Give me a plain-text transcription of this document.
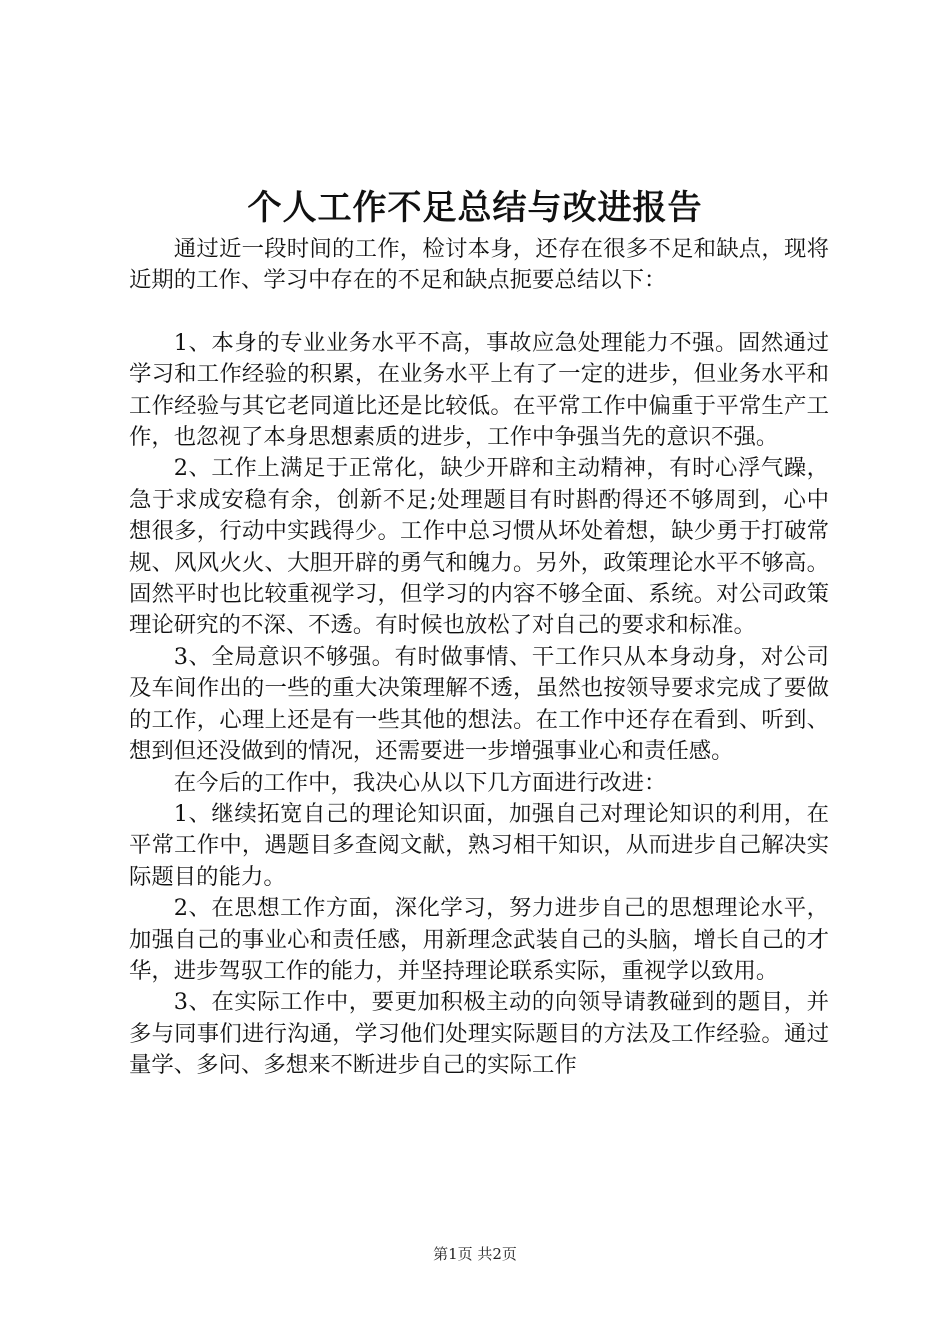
个人工作不足总结与改进报告

通过近一段时间的工作，检讨本身，还存在很多不足和缺点，现将近期的工作、学习中存在的不足和缺点扼要总结以下：

1、本身的专业业务水平不高，事故应急处理能力不强。固然通过学习和工作经验的积累，在业务水平上有了一定的进步，但业务水平和工作经验与其它老同道比还是比较低。在平常工作中偏重于平常生产工作，也忽视了本身思想素质的进步，工作中争强当先的意识不强。

2、工作上满足于正常化，缺少开辟和主动精神，有时心浮气躁，急于求成安稳有余，创新不足;处理题目有时斟酌得还不够周到，心中想很多，行动中实践得少。工作中总习惯从坏处着想，缺少勇于打破常规、风风火火、大胆开辟的勇气和魄力。另外，政策理论水平不够高。固然平时也比较重视学习，但学习的内容不够全面、系统。对公司政策理论研究的不深、不透。有时候也放松了对自己的要求和标准。

3、全局意识不够强。有时做事情、干工作只从本身动身，对公司及车间作出的一些的重大决策理解不透，虽然也按领导要求完成了要做的工作，心理上还是有一些其他的想法。在工作中还存在看到、听到、想到但还没做到的情况，还需要进一步增强事业心和责任感。

在今后的工作中，我决心从以下几方面进行改进：

1、继续拓宽自己的理论知识面，加强自己对理论知识的利用，在平常工作中，遇题目多查阅文献，熟习相干知识，从而进步自己解决实际题目的能力。

2、在思想工作方面，深化学习，努力进步自己的思想理论水平，加强自己的事业心和责任感，用新理念武装自己的头脑，增长自己的才华，进步驾驭工作的能力，并坚持理论联系实际，重视学以致用。

3、在实际工作中，要更加积极主动的向领导请教碰到的题目，并多与同事们进行沟通，学习他们处理实际题目的方法及工作经验。通过量学、多问、多想来不断进步自己的实际工作

第1页 共2页
